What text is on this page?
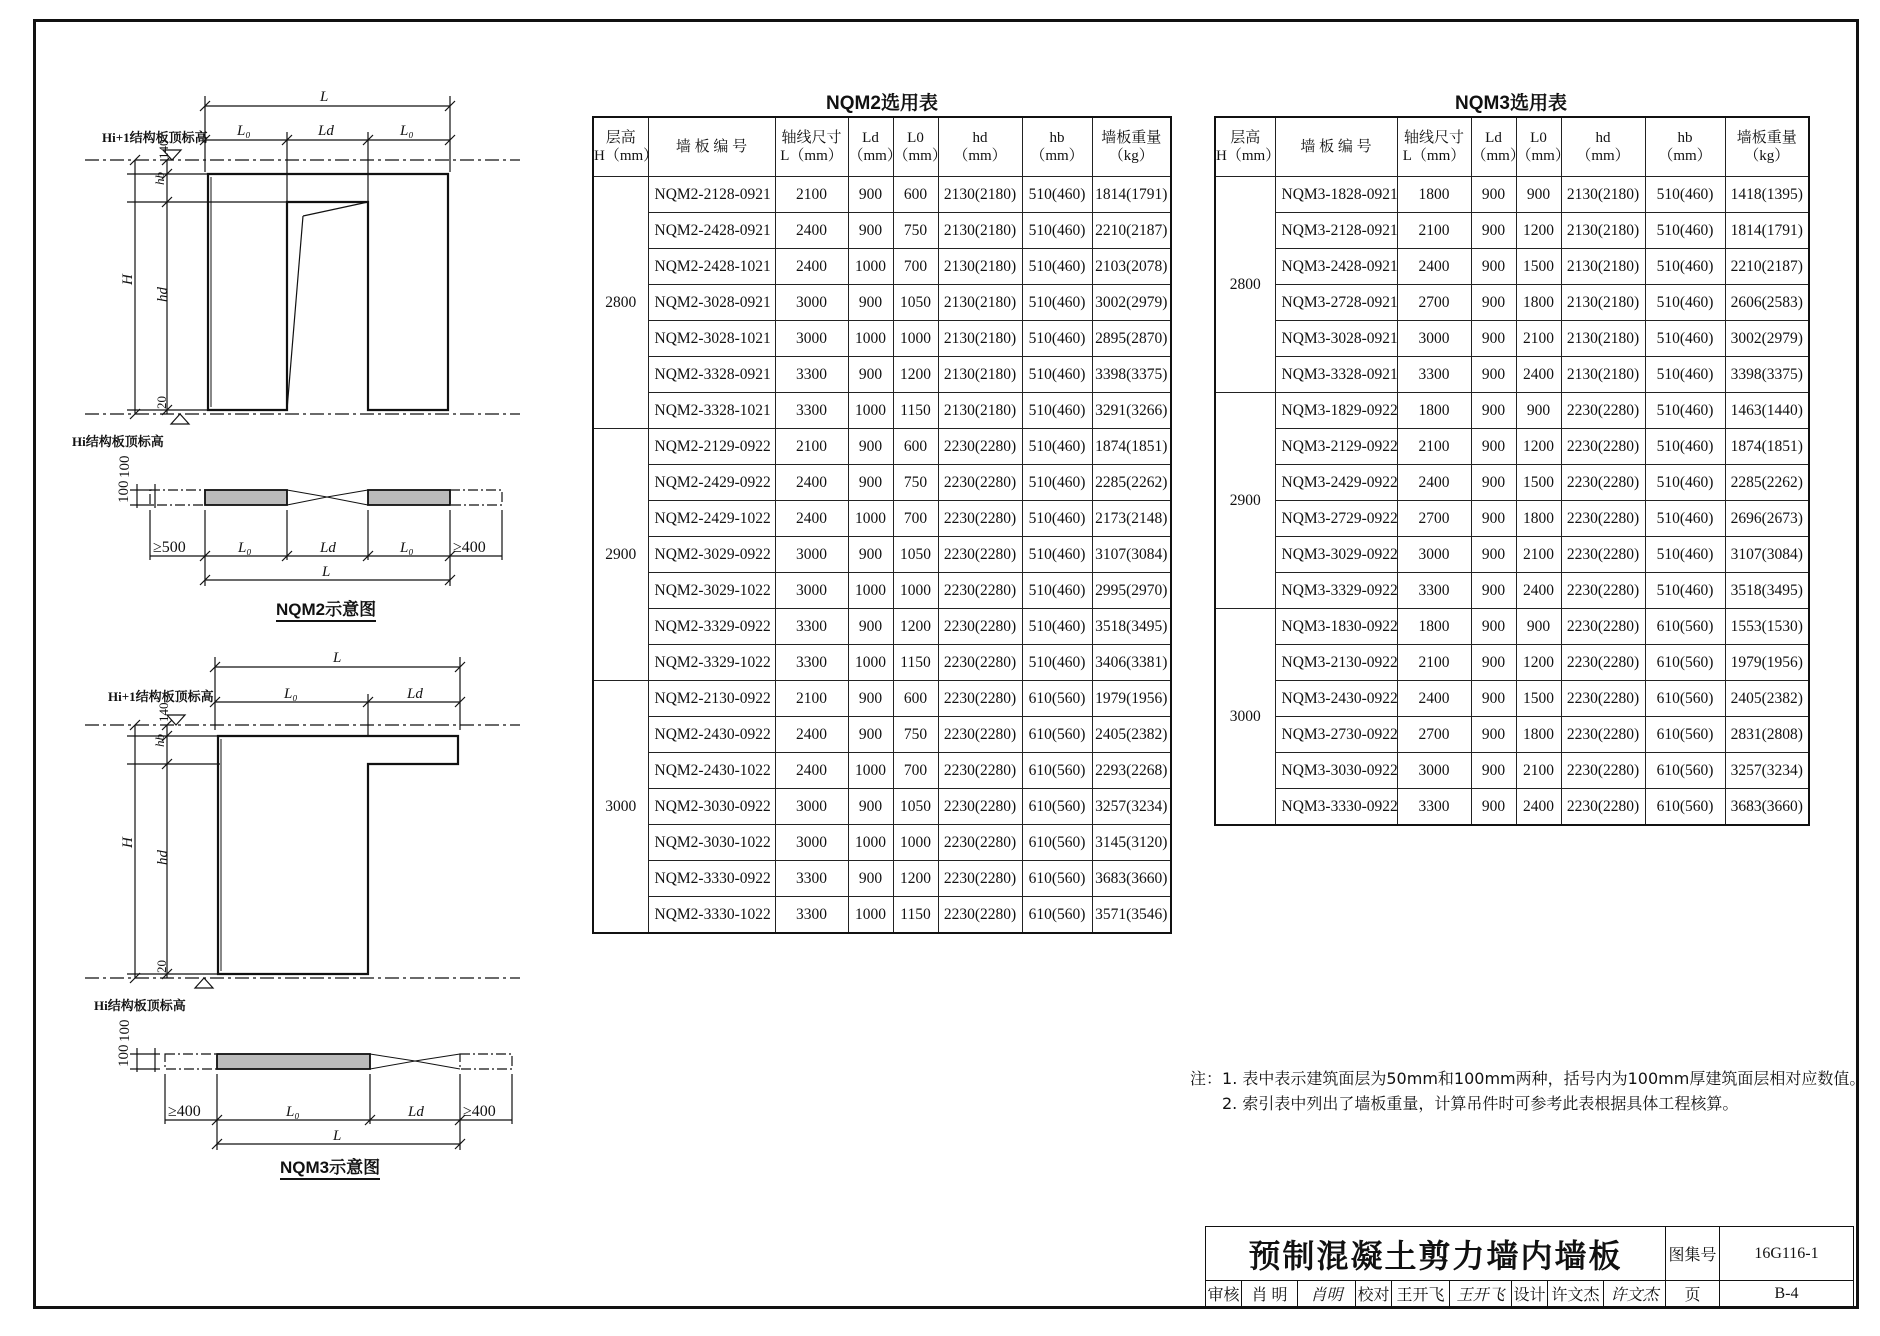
L
L₀	Ld	L₀
Hi+1结构板顶标高
Hi结构板顶标高
H
hd
hb
140
20
100
100
≥500	L₀	Ld	L₀ ≥400
L
L
L₀	Ld
Hi+1结构板顶标高
Hi结构板顶标高
H
hd
hb
140
20
100
100
≥400	L₀	Ld ≥400
L
NQM2示意图
NQM3示意图
NQM2选用表
层高
H（mm）	墙 板 编 号	轴线尺寸
L（mm）	Ld
（mm）	L0
（mm）	hd
（mm）	hb
（mm）	墙板重量
（kg）
2800	NQM2-2128-0921	2100	900	600	2130(2180)	510(460)	1814(1791)
	NQM2-2428-0921	2400	900	750	2130(2180)	510(460)	2210(2187)
	NQM2-2428-1021	2400	1000	700	2130(2180)	510(460)	2103(2078)
	NQM2-3028-0921	3000	900	1050	2130(2180)	510(460)	3002(2979)
	NQM2-3028-1021	3000	1000	1000	2130(2180)	510(460)	2895(2870)
	NQM2-3328-0921	3300	900	1200	2130(2180)	510(460)	3398(3375)
	NQM2-3328-1021	3300	1000	1150	2130(2180)	510(460)	3291(3266)
2900	NQM2-2129-0922	2100	900	600	2230(2280)	510(460)	1874(1851)
	NQM2-2429-0922	2400	900	750	2230(2280)	510(460)	2285(2262)
	NQM2-2429-1022	2400	1000	700	2230(2280)	510(460)	2173(2148)
	NQM2-3029-0922	3000	900	1050	2230(2280)	510(460)	3107(3084)
	NQM2-3029-1022	3000	1000	1000	2230(2280)	510(460)	2995(2970)
	NQM2-3329-0922	3300	900	1200	2230(2280)	510(460)	3518(3495)
	NQM2-3329-1022	3300	1000	1150	2230(2280)	510(460)	3406(3381)
3000	NQM2-2130-0922	2100	900	600	2230(2280)	610(560)	1979(1956)
	NQM2-2430-0922	2400	900	750	2230(2280)	610(560)	2405(2382)
	NQM2-2430-1022	2400	1000	700	2230(2280)	610(560)	2293(2268)
	NQM2-3030-0922	3000	900	1050	2230(2280)	610(560)	3257(3234)
	NQM2-3030-1022	3000	1000	1000	2230(2280)	610(560)	3145(3120)
	NQM2-3330-0922	3300	900	1200	2230(2280)	610(560)	3683(3660)
	NQM2-3330-1022	3300	1000	1150	2230(2280)	610(560)	3571(3546)
NQM3选用表
层高
H（mm）	墙 板 编 号	轴线尺寸
L（mm）	Ld
（mm）	L0
（mm）	hd
（mm）	hb
（mm）	墙板重量
（kg）
2800	NQM3-1828-0921	1800	900	900	2130(2180)	510(460)	1418(1395)
	NQM3-2128-0921	2100	900	1200	2130(2180)	510(460)	1814(1791)
	NQM3-2428-0921	2400	900	1500	2130(2180)	510(460)	2210(2187)
	NQM3-2728-0921	2700	900	1800	2130(2180)	510(460)	2606(2583)
	NQM3-3028-0921	3000	900	2100	2130(2180)	510(460)	3002(2979)
	NQM3-3328-0921	3300	900	2400	2130(2180)	510(460)	3398(3375)
2900	NQM3-1829-0922	1800	900	900	2230(2280)	510(460)	1463(1440)
	NQM3-2129-0922	2100	900	1200	2230(2280)	510(460)	1874(1851)
	NQM3-2429-0922	2400	900	1500	2230(2280)	510(460)	2285(2262)
	NQM3-2729-0922	2700	900	1800	2230(2280)	510(460)	2696(2673)
	NQM3-3029-0922	3000	900	2100	2230(2280)	510(460)	3107(3084)
	NQM3-3329-0922	3300	900	2400	2230(2280)	510(460)	3518(3495)
3000	NQM3-1830-0922	1800	900	900	2230(2280)	610(560)	1553(1530)
	NQM3-2130-0922	2100	900	1200	2230(2280)	610(560)	1979(1956)
	NQM3-2430-0922	2400	900	1500	2230(2280)	610(560)	2405(2382)
	NQM3-2730-0922	2700	900	1800	2230(2280)	610(560)	2831(2808)
	NQM3-3030-0922	3000	900	2100	2230(2280)	610(560)	3257(3234)
	NQM3-3330-0922	3300	900	2400	2230(2280)	610(560)	3683(3660)
注：1. 表中表示建筑面层为50mm和100mm两种，括号内为100mm厚建筑面层相对应数值。
2. 索引表中列出了墙板重量，计算吊件时可参考此表根据具体工程核算。
预制混凝土剪力墙内墙板									图集号	16G116-1
审核	肖 明	肖明	校对	王开飞	王开飞	设计	许文杰	许文杰	页	B-4
